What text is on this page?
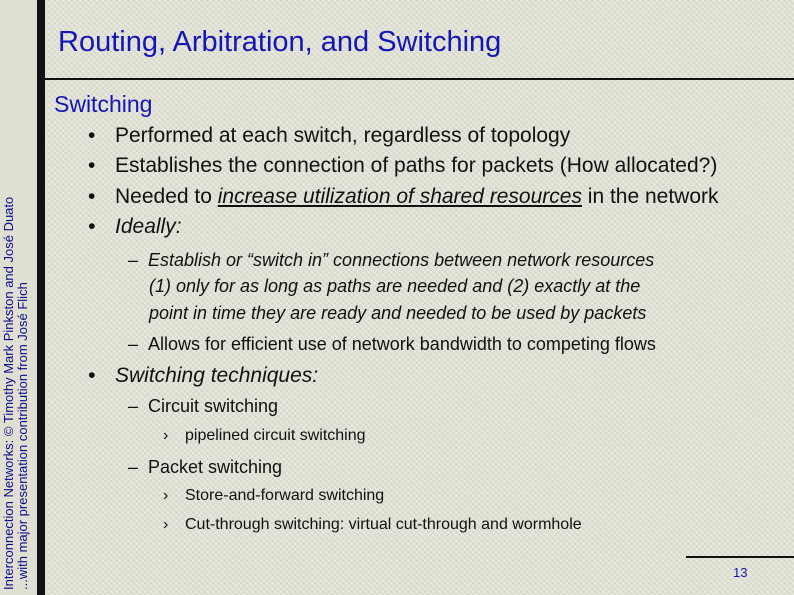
Interconnection Networks: © Timothy Mark Pinkston and José Duato ...with major presentation contribution from José Flich
Routing, Arbitration, and Switching
Switching
• Performed at each switch, regardless of topology
• Establishes the connection of paths for packets (How allocated?)
• Needed to increase utilization of shared resources in the network
• Ideally:
– Establish or “switch in” connections between network resources
(1) only for as long as paths are needed and (2) exactly at the
point in time they are ready and needed to be used by packets
– Allows for efficient use of network bandwidth to competing flows
• Switching techniques:
– Circuit switching
› pipelined circuit switching
– Packet switching
› Store-and-forward switching
› Cut-through switching: virtual cut-through and wormhole
13
